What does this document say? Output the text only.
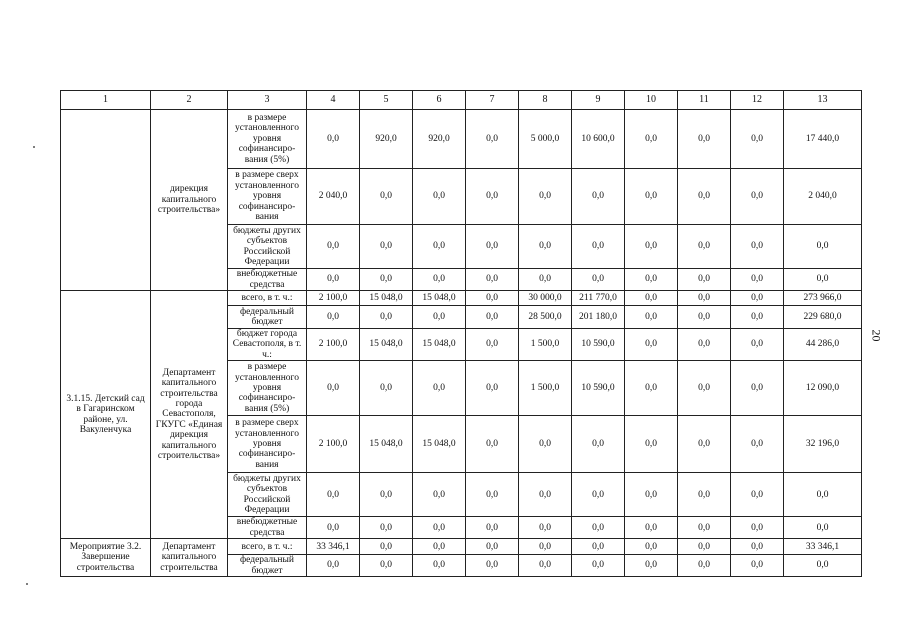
1	2	3	4	5	6	7	8	9	10	11	12	13
	дирекция капитального строительства»	в размере установленного уровня софинансиро-вания (5%)	0,0	920,0	920,0	0,0	5 000,0	10 600,0	0,0	0,0	0,0	17 440,0
		в размере сверх установленного уровня софинансиро-вания	2 040,0	0,0	0,0	0,0	0,0	0,0	0,0	0,0	0,0	2 040,0
		бюджеты других субъектов Российской Федерации	0,0	0,0	0,0	0,0	0,0	0,0	0,0	0,0	0,0	0,0
		внебюджетные средства	0,0	0,0	0,0	0,0	0,0	0,0	0,0	0,0	0,0	0,0
3.1.15. Детский сад в Гагаринском районе, ул. Вакуленчука	Департамент капитального строительства города Севастополя, ГКУГС «Единая дирекция капитального строительства»	всего, в т. ч.:	2 100,0	15 048,0	15 048,0	0,0	30 000,0	211 770,0	0,0	0,0	0,0	273 966,0
		федеральный бюджет	0,0	0,0	0,0	0,0	28 500,0	201 180,0	0,0	0,0	0,0	229 680,0
		бюджет города Севастополя, в т. ч.:	2 100,0	15 048,0	15 048,0	0,0	1 500,0	10 590,0	0,0	0,0	0,0	44 286,0
		в размере установленного уровня софинансиро-вания (5%)	0,0	0,0	0,0	0,0	1 500,0	10 590,0	0,0	0,0	0,0	12 090,0
		в размере сверх установленного уровня софинансиро-вания	2 100,0	15 048,0	15 048,0	0,0	0,0	0,0	0,0	0,0	0,0	32 196,0
		бюджеты других субъектов Российской Федерации	0,0	0,0	0,0	0,0	0,0	0,0	0,0	0,0	0,0	0,0
		внебюджетные средства	0,0	0,0	0,0	0,0	0,0	0,0	0,0	0,0	0,0	0,0
Мероприятие 3.2. Завершение строительства	Департамент капитального строительства	всего, в т. ч.:	33 346,1	0,0	0,0	0,0	0,0	0,0	0,0	0,0	0,0	33 346,1
		федеральный бюджет	0,0	0,0	0,0	0,0	0,0	0,0	0,0	0,0	0,0	0,0
20
